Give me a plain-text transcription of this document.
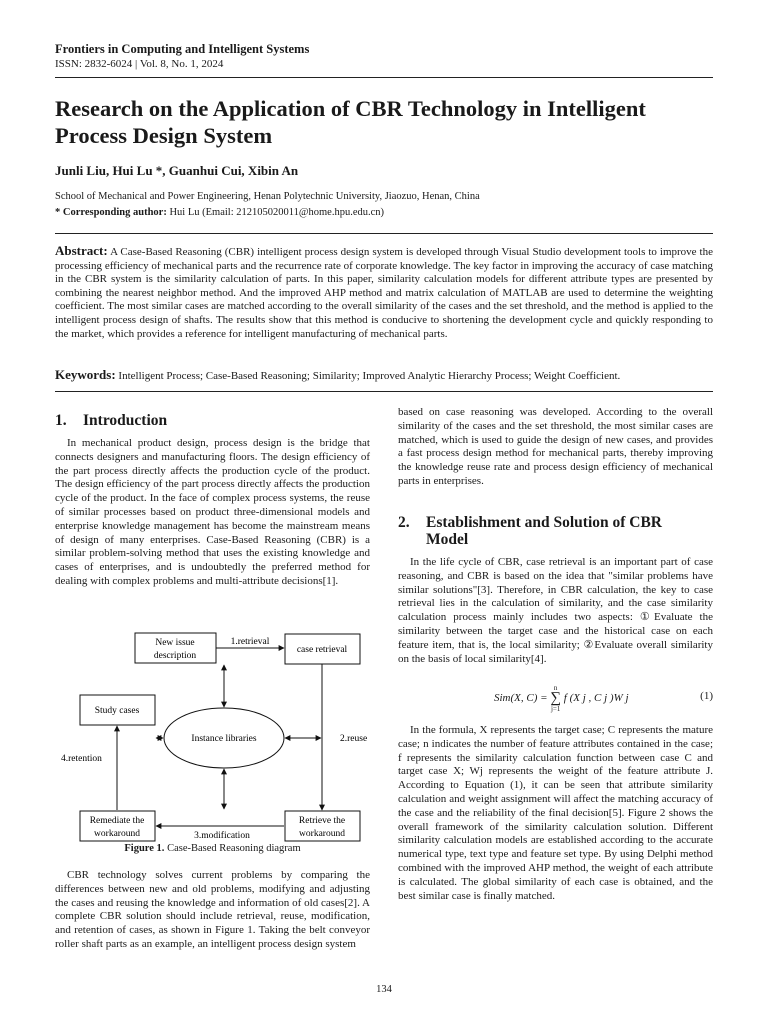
Frontiers in Computing and Intelligent Systems
ISSN: 2832-6024 | Vol. 8, No. 1, 2024
Research on the Application of CBR Technology in Intelligent Process Design System
Junli Liu, Hui Lu *, Guanhui Cui, Xibin An
School of Mechanical and Power Engineering, Henan Polytechnic University, Jiaozuo, Henan, China
* Corresponding author: Hui Lu (Email: 212105020011@home.hpu.edu.cn)

Abstract: A Case-Based Reasoning (CBR) intelligent process design system is developed through Visual Studio development tools to improve the processing efficiency of mechanical parts and the recurrence rate of corporate knowledge. The key factor in improving the accuracy of case matching in the CBR system is the similarity calculation of parts. In this paper, similarity calculation models for different attribute types are presented by combining the nearest neighbor method. And the improved AHP method and matrix calculation of MATLAB are used to determine the weighting coefficient. The most similar cases are matched according to the overall similarity of the cases and the set threshold, and the method is applied to the intelligent process design of shafts. The results show that this method is conducive to shortening the development cycle and quickly responding to the market, which provides a reference for intelligent manufacturing of mechanical parts.

Keywords: Intelligent Process; Case-Based Reasoning; Similarity; Improved Analytic Hierarchy Process; Weight Coefficient.

1. Introduction

In mechanical product design, process design is the bridge that connects designers and manufacturing floors. The design efficiency of the part process directly affects the production cycle of the product. The design efficiency of the part process directly affects the production cycle of the product. In the face of complex process systems, the reuse of similar processes based on product three-dimensional models and enterprise knowledge management has become the mainstream means of design of many enterprises. Case-Based Reasoning (CBR) is a similar problem-solving method that uses the existing knowledge and cases of enterprises, and is undoubtedly the preferred method for dealing with complex problems and multi-attribute decisions[1].

New issue
description
case retrieval
Study cases
Instance libraries
Remediate the
workaround
Retrieve the
workaround
1.retrieval
2.reuse
3.modification
4.retention

Figure 1. Case-Based Reasoning diagram

CBR technology solves current problems by comparing the differences between new and old problems, modifying and adjusting the cases and reusing the knowledge and information of old cases[2]. A complete CBR solution should include retrieval, reuse, modification, and retention of cases, as shown in Figure 1. Taking the belt conveyor roller shaft parts as an example, an intelligent process design system

based on case reasoning was developed. According to the overall similarity of the cases and the set threshold, the most similar cases are matched, which is used to guide the design of new cases, and provides a fast process design method for mechanical parts, thereby improving the knowledge reuse rate and process design efficiency of mechanical parts in enterprises.

2. Establishment and Solution of CBR
Model

In the life cycle of CBR, case retrieval is an important part of case reasoning, and CBR is based on the idea that "similar problems have similar solutions"[3]. Therefore, in CBR calculation, the key to case retrieval lies in the calculation of similarity, and the case similarity calculation process mainly includes two aspects: ①Evaluate the similarity between the target case and the historical case on each feature item, that is, the local similarity; ②Evaluate overall similarity on the basis of local similarity[4].

Sim(X, C) =
n
∑
j=1
f (X j , C j )W j	(1)

In the formula, X represents the target case; C represents the mature case; n indicates the number of feature attributes contained in the case; f represents the similarity calculation function between case C and target case X; Wj represents the weight of the feature attribute J. According to Equation (1), it can be seen that attribute similarity calculation and weight assignment will affect the matching accuracy of the case and the reliability of the final decision[5]. Figure 2 shows the overall framework of the similarity calculation solution. Different similarity calculation models are established according to the accurate numerical type, text type and feature set type. By using Delphi method combined with the improved AHP method, the weight of each attribute is calculated. The global similarity of each case is obtained, and the best similar case is finally matched.

134
